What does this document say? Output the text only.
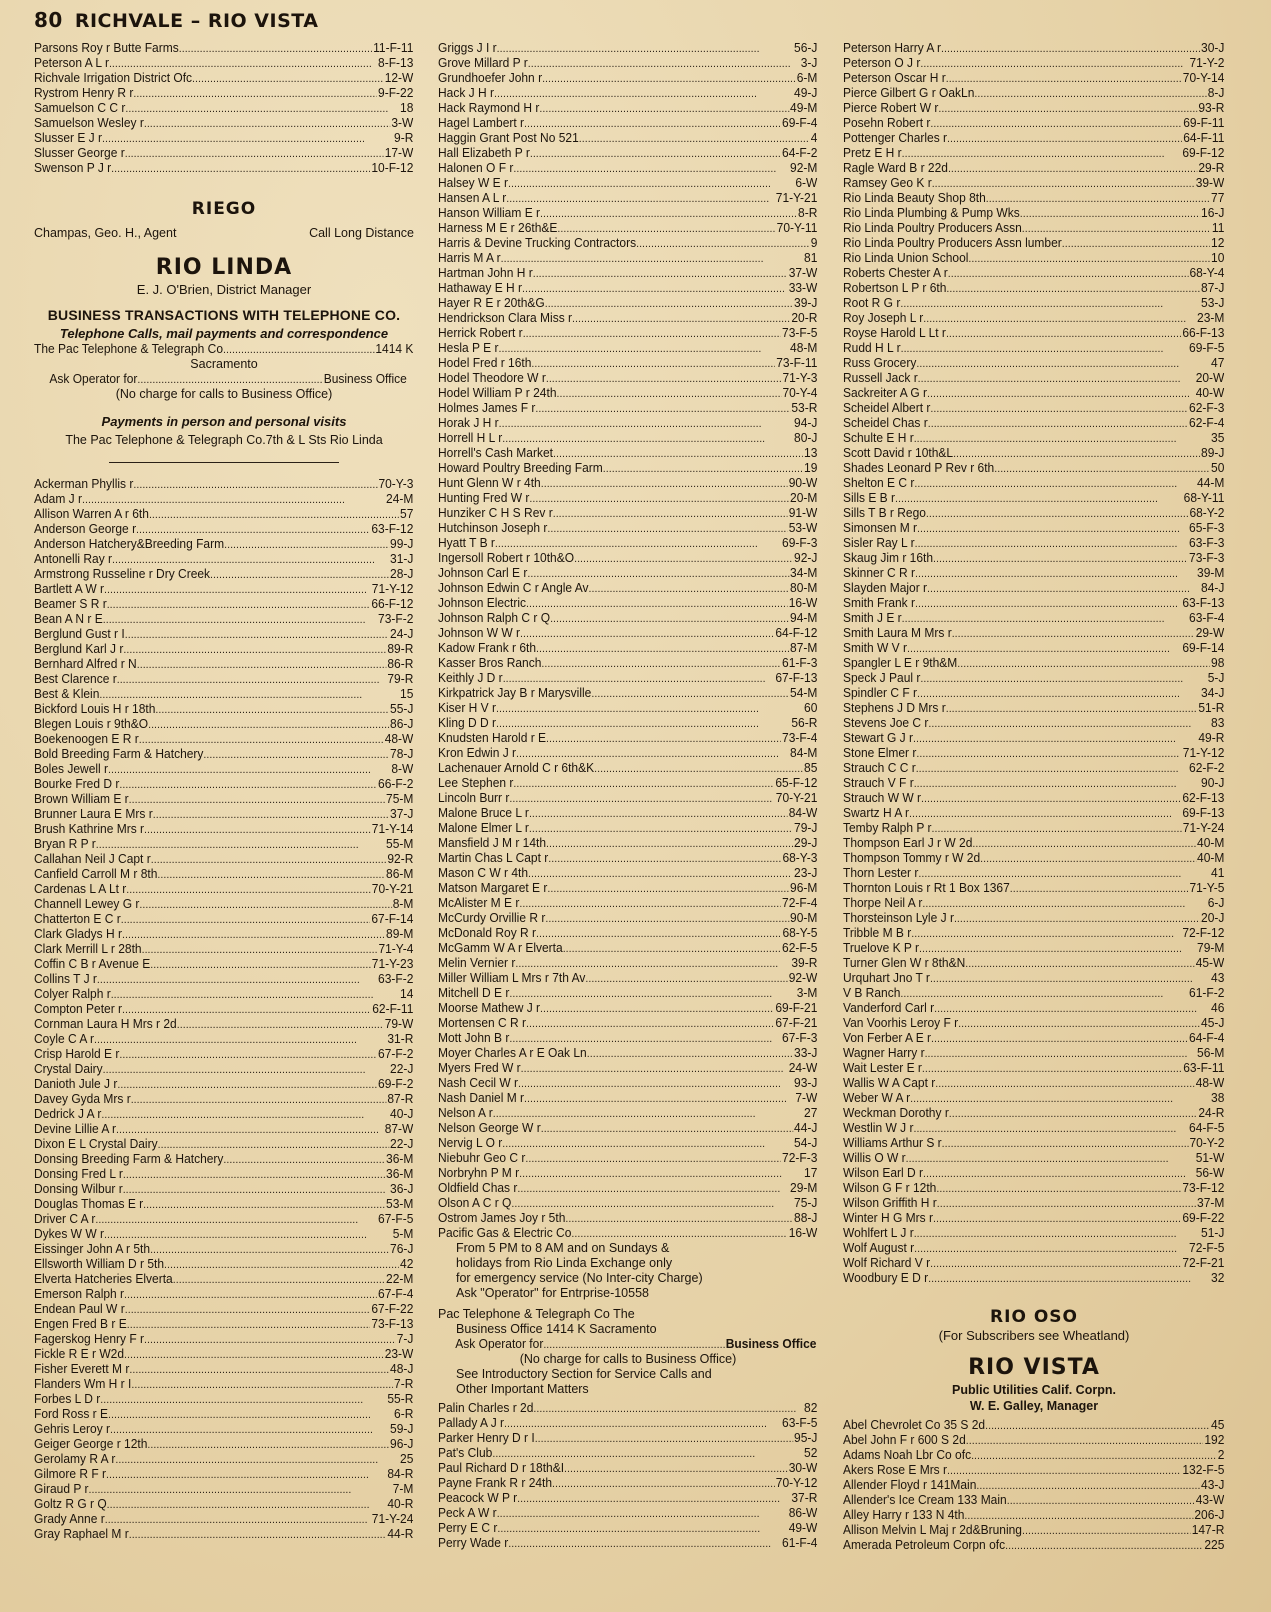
80 RICHVALE – RIO VISTA
Parsons Roy r Butte Farms . . .	11-F-11
Peterson A L r . . .	8-F-13
Richvale Irrigation District Ofc . . .	12-W
Rystrom Henry R r . . .	9-F-22
Samuelson C C r . . .	18
Samuelson Wesley r . . .	3-W
Slusser E J r . . .	9-R
Slusser George r . . .	17-W
Swenson P J r . . .	10-F-12
RIEGO
Champas, Geo. H., Agent	Call Long Distance
RIO LINDA
E. J. O'Brien, District Manager
BUSINESS TRANSACTIONS WITH TELEPHONE CO.
Telephone Calls, mail payments and correspondence
The Pac Telephone & Telegraph Co . . .	1414 K
Sacramento
Ask Operator for . . .	Business Office
(No charge for calls to Business Office)
Payments in person and personal visits
The Pac Telephone & Telegraph Co.7th & L Sts Rio Linda
Ackerman Phyllis r . . .	70-Y-3
Adam J r . . .	24-M
Allison Warren A r 6th . . .	57
Anderson George r . . .	63-F-12
Anderson Hatchery&Breeding Farm . . .	99-J
Antonelli Ray r . . .	31-J
Armstrong Russeline r Dry Creek . . .	28-J
Bartlett A W r . . .	71-Y-12
Beamer S R r . . .	66-F-12
Bean A N r E . . .	73-F-2
Berglund Gust r I . . .	24-J
Berglund Karl J r . . .	89-R
Bernhard Alfred r N . . .	86-R
Best Clarence r . . .	79-R
Best & Klein . . .	15
Bickford Louis H r 18th . . .	55-J
Blegen Louis r 9th&O . . .	86-J
Boekenoogen E R r . . .	48-W
Bold Breeding Farm & Hatchery . . .	78-J
Boles Jewell r . . .	8-W
Bourke Fred D r . . .	66-F-2
Brown William E r . . .	75-M
Brunner Laura E Mrs r . . .	37-J
Brush Kathrine Mrs r . . .	71-Y-14
Bryan R P r . . .	55-M
Callahan Neil J Capt r . . .	92-R
Canfield Carroll M r 8th . . .	86-M
Cardenas L A Lt r . . .	70-Y-21
Channell Lewey G r . . .	8-M
Chatterton E C r . . .	67-F-14
Clark Gladys H r . . .	89-M
Clark Merrill L r 28th . . .	71-Y-4
Coffin C B r Avenue E . . .	71-Y-23
Collins T J r . . .	63-F-2
Colyer Ralph r . . .	14
Compton Peter r . . .	62-F-11
Cornman Laura H Mrs r 2d . . .	79-W
Coyle C A r . . .	31-R
Crisp Harold E r . . .	67-F-2
Crystal Dairy . . .	22-J
Danioth Jule J r . . .	69-F-2
Davey Gyda Mrs r . . .	87-R
Dedrick J A r . . .	40-J
Devine Lillie A r . . .	87-W
Dixon E L Crystal Dairy . . .	22-J
Donsing Breeding Farm & Hatchery . . .	36-M
Donsing Fred L r . . .	36-M
Donsing Wilbur r . . .	36-J
Douglas Thomas E r . . .	53-M
Driver C A r . . .	67-F-5
Dykes W W r . . .	5-M
Eissinger John A r 5th . . .	76-J
Ellsworth William D r 5th . . .	42
Elverta Hatcheries Elverta . . .	22-M
Emerson Ralph r . . .	67-F-4
Endean Paul W r . . .	67-F-22
Engen Fred B r E . . .	73-F-13
Fagerskog Henry F r . . .	7-J
Fickle R E r W2d . . .	23-W
Fisher Everett M r . . .	48-J
Flanders Wm H r I . . .	7-R
Forbes L D r . . .	55-R
Ford Ross r E . . .	6-R
Gehris Leroy r . . .	59-J
Geiger George r 12th . . .	96-J
Gerolamy R A r . . .	25
Gilmore R F r . . .	84-R
Giraud P r . . .	7-M
Goltz R G r Q . . .	40-R
Grady Anne r . . .	71-Y-24
Gray Raphael M r . . .	44-R
Griggs J I r . . .	56-J
Grove Millard P r . . .	3-J
Grundhoefer John r . . .	6-M
Hack J H r . . .	49-J
Hack Raymond H r . . .	49-M
Hagel Lambert r . . .	69-F-4
Haggin Grant Post No 521 . . .	4
Hall Elizabeth P r . . .	64-F-2
Halonen O F r . . .	92-M
Halsey W E r . . .	6-W
Hansen A L r . . .	71-Y-21
Hanson William E r . . .	8-R
Harness M E r 26th&E . . .	70-Y-11
Harris & Devine Trucking Contractors . . .	9
Harris M A r . . .	81
Hartman John H r . . .	37-W
Hathaway E H r . . .	33-W
Hayer R E r 20th&G . . .	39-J
Hendrickson Clara Miss r . . .	20-R
Herrick Robert r . . .	73-F-5
Hesla P E r . . .	48-M
Hodel Fred r 16th . . .	73-F-11
Hodel Theodore W r . . .	71-Y-3
Hodel William P r 24th . . .	70-Y-4
Holmes James F r . . .	53-R
Horak J H r . . .	94-J
Horrell H L r . . .	80-J
Horrell's Cash Market . . .	13
Howard Poultry Breeding Farm . . .	19
Hunt Glenn W r 4th . . .	90-W
Hunting Fred W r . . .	20-M
Hunziker C H S Rev r . . .	91-W
Hutchinson Joseph r . . .	53-W
Hyatt T B r . . .	69-F-3
Ingersoll Robert r 10th&O . . .	92-J
Johnson Carl E r . . .	34-M
Johnson Edwin C r Angle Av . . .	80-M
Johnson Electric . . .	16-W
Johnson Ralph C r Q . . .	94-M
Johnson W W r . . .	64-F-12
Kadow Frank r 6th . . .	87-M
Kasser Bros Ranch . . .	61-F-3
Keithly J D r . . .	67-F-13
Kirkpatrick Jay B r Marysville . . .	54-M
Kiser H V r . . .	60
Kling D D r . . .	56-R
Knudsten Harold r E . . .	73-F-4
Kron Edwin J r . . .	84-M
Lachenauer Arnold C r 6th&K . . .	85
Lee Stephen r . . .	65-F-12
Lincoln Burr r . . .	70-Y-21
Malone Bruce L r . . .	84-W
Malone Elmer L r . . .	79-J
Mansfield J M r 14th . . .	29-J
Martin Chas L Capt r . . .	68-Y-3
Mason C W r 4th . . .	23-J
Matson Margaret E r . . .	96-M
McAlister M E r . . .	72-F-4
McCurdy Orvillie R r . . .	90-M
McDonald Roy R r . . .	68-Y-5
McGamm W A r Elverta . . .	62-F-5
Melin Vernier r . . .	39-R
Miller William L Mrs r 7th Av . . .	92-W
Mitchell D E r . . .	3-M
Moorse Mathew J r . . .	69-F-21
Mortensen C R r . . .	67-F-21
Mott John B r . . .	67-F-3
Moyer Charles A r E Oak Ln . . .	33-J
Myers Fred W r . . .	24-W
Nash Cecil W r . . .	93-J
Nash Daniel M r . . .	7-W
Nelson A r . . .	27
Nelson George W r . . .	44-J
Nervig L O r . . .	54-J
Niebuhr Geo C r . . .	72-F-3
Norbryhn P M r . . .	17
Oldfield Chas r . . .	29-M
Olson A C r Q . . .	75-J
Ostrom James Joy r 5th . . .	88-J
Pacific Gas & Electric Co . . .	16-W
From 5 PM to 8 AM and on Sundays &
holidays from Rio Linda Exchange only
for emergency service (No Inter-city Charge)
Ask "Operator" for Entrprise-10558
Pac Telephone & Telegraph Co The
Business Office 1414 K Sacramento
Ask Operator for . . .	Business Office
(No charge for calls to Business Office)
See Introductory Section for Service Calls and
Other Important Matters
Palin Charles r 2d . . .	82
Pallady A J r . . .	63-F-5
Parker Henry D r I . . .	95-J
Pat's Club . . .	52
Paul Richard D r 18th&I . . .	30-W
Payne Frank R r 24th . . .	70-Y-12
Peacock W P r . . .	37-R
Peck A W r . . .	86-W
Perry E C r . . .	49-W
Perry Wade r . . .	61-F-4
Peterson Harry A r . . .	30-J
Peterson O J r . . .	71-Y-2
Peterson Oscar H r . . .	70-Y-14
Pierce Gilbert G r OakLn . . .	8-J
Pierce Robert W r . . .	93-R
Posehn Robert r . . .	69-F-11
Pottenger Charles r . . .	64-F-11
Pretz E H r . . .	69-F-12
Ragle Ward B r 22d . . .	29-R
Ramsey Geo K r . . .	39-W
Rio Linda Beauty Shop 8th . . .	77
Rio Linda Plumbing & Pump Wks . . .	16-J
Rio Linda Poultry Producers Assn . . .	11
Rio Linda Poultry Producers Assn lumber . . .	12
Rio Linda Union School . . .	10
Roberts Chester A r . . .	68-Y-4
Robertson L P r 6th . . .	87-J
Root R G r . . .	53-J
Roy Joseph L r . . .	23-M
Royse Harold L Lt r . . .	66-F-13
Rudd H L r . . .	69-F-5
Russ Grocery . . .	47
Russell Jack r . . .	20-W
Sackreiter A G r . . .	40-W
Scheidel Albert r . . .	62-F-3
Scheidel Chas r . . .	62-F-4
Schulte E H r . . .	35
Scott David r 10th&L . . .	89-J
Shades Leonard P Rev r 6th . . .	50
Shelton E C r . . .	44-M
Sills E B r . . .	68-Y-11
Sills T B r Rego . . .	68-Y-2
Simonsen M r . . .	65-F-3
Sisler Ray L r . . .	63-F-3
Skaug Jim r 16th . . .	73-F-3
Skinner C R r . . .	39-M
Slayden Major r . . .	84-J
Smith Frank r . . .	63-F-13
Smith J E r . . .	63-F-4
Smith Laura M Mrs r . . .	29-W
Smith W V r . . .	69-F-14
Spangler L E r 9th&M . . .	98
Speck J Paul r . . .	5-J
Spindler C F r . . .	34-J
Stephens J D Mrs r . . .	51-R
Stevens Joe C r . . .	83
Stewart G J r . . .	49-R
Stone Elmer r . . .	71-Y-12
Strauch C C r . . .	62-F-2
Strauch V F r . . .	90-J
Strauch W W r . . .	62-F-13
Swartz H A r . . .	69-F-13
Temby Ralph P r . . .	71-Y-24
Thompson Earl J r W 2d . . .	40-M
Thompson Tommy r W 2d . . .	40-M
Thorn Lester r . . .	41
Thornton Louis r Rt 1 Box 1367 . . .	71-Y-5
Thorpe Neil A r . . .	6-J
Thorsteinson Lyle J r . . .	20-J
Tribble M B r . . .	72-F-12
Truelove K P r . . .	79-M
Turner Glen W r 8th&N . . .	45-W
Urquhart Jno T r . . .	43
V B Ranch . . .	61-F-2
Vanderford Carl r . . .	46
Van Voorhis Leroy F r . . .	45-J
Von Ferber A E r . . .	64-F-4
Wagner Harry r . . .	56-M
Wait Lester E r . . .	63-F-11
Wallis W A Capt r . . .	48-W
Weber W A r . . .	38
Weckman Dorothy r . . .	24-R
Westlin W J r . . .	64-F-5
Williams Arthur S r . . .	70-Y-2
Willis O W r . . .	51-W
Wilson Earl D r . . .	56-W
Wilson G F r 12th . . .	73-F-12
Wilson Griffith H r . . .	37-M
Winter H G Mrs r . . .	69-F-22
Wohlfert L J r . . .	51-J
Wolf August r . . .	72-F-5
Wolf Richard V r . . .	72-F-21
Woodbury E D r . . .	32
RIO OSO
(For Subscribers see Wheatland)
RIO VISTA
Public Utilities Calif. Corpn.
W. E. Galley, Manager
Abel Chevrolet Co 35 S 2d . . .	45
Abel John F r 600 S 2d . . .	192
Adams Noah Lbr Co ofc . . .	2
Akers Rose E Mrs r . . .	132-F-5
Allender Floyd r 141Main . . .	43-J
Allender's Ice Cream 133 Main . . .	43-W
Alley Harry r 133 N 4th . . .	206-J
Allison Melvin L Maj r 2d&Bruning . . .	147-R
Amerada Petroleum Corpn ofc . . .	225
